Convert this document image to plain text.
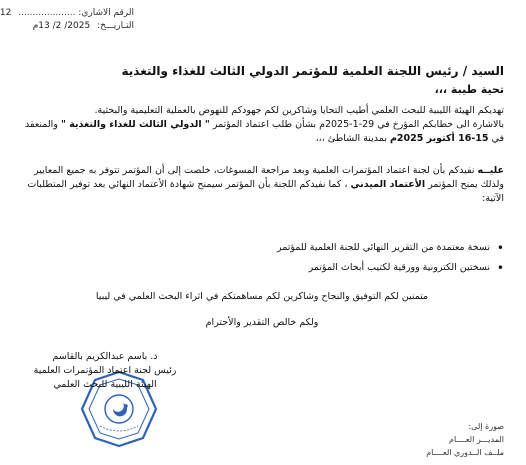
الرقم الاشاري: .................... 12
التـاريـــخ: 2025/ 2/ 13م
السيد / رئيس اللجنة العلمية للمؤتمر الدولي الثالث للغذاء والتغذية
تحية طيبة ،،،
تهديكم الهيئة الليبية للبحث العلمي أطيب التحايا وشاكرين لكم جهودكم للنهوض بالعملية التعليمية والبحثية.
بالاشارة الى خطابكم المؤرخ في 29-1-2025م بشأن طلب اعتماد المؤتمر " الدولي الثالث للغذاء والتغذية " والمنعقد في 15-16 أكتوبر 2025م بمدينة الشاطئ ،،،
عليــه نفيدكم بأن لجنة اعتماد المؤتمرات العلمية وبعد مراجعة المسوغات، خلصت إلى أن المؤتمر تتوفر به جميع المعايير ولذلك يمنح المؤتمر الأعتماد الميدني ، كما نفيدكم اللجنة بأن المؤتمر سيمنح شهادة الأعتماد النهائي بعد توفير المتطلبات الآتية:
• نسخة معتمدة من التقرير النهائي للجنة العلمية للمؤتمر
• نسختين الكترونية وورقية لكتيب أبحاث المؤتمر
متمنين لكم التوفيق والنجاح وشاكرين لكم مساهمتكم في اثراء البحث العلمي في ليبيا
ولكم خالص التقدير والأحترام
د. باسم عبدالكريم بالقاسم
رئيس لجنة اعتماد المؤتمرات العلمية
الهيئة الليبية للبحث العلمي
صورة إلى:
المديـــر العــــام
ملــف الــدوري العــــام
